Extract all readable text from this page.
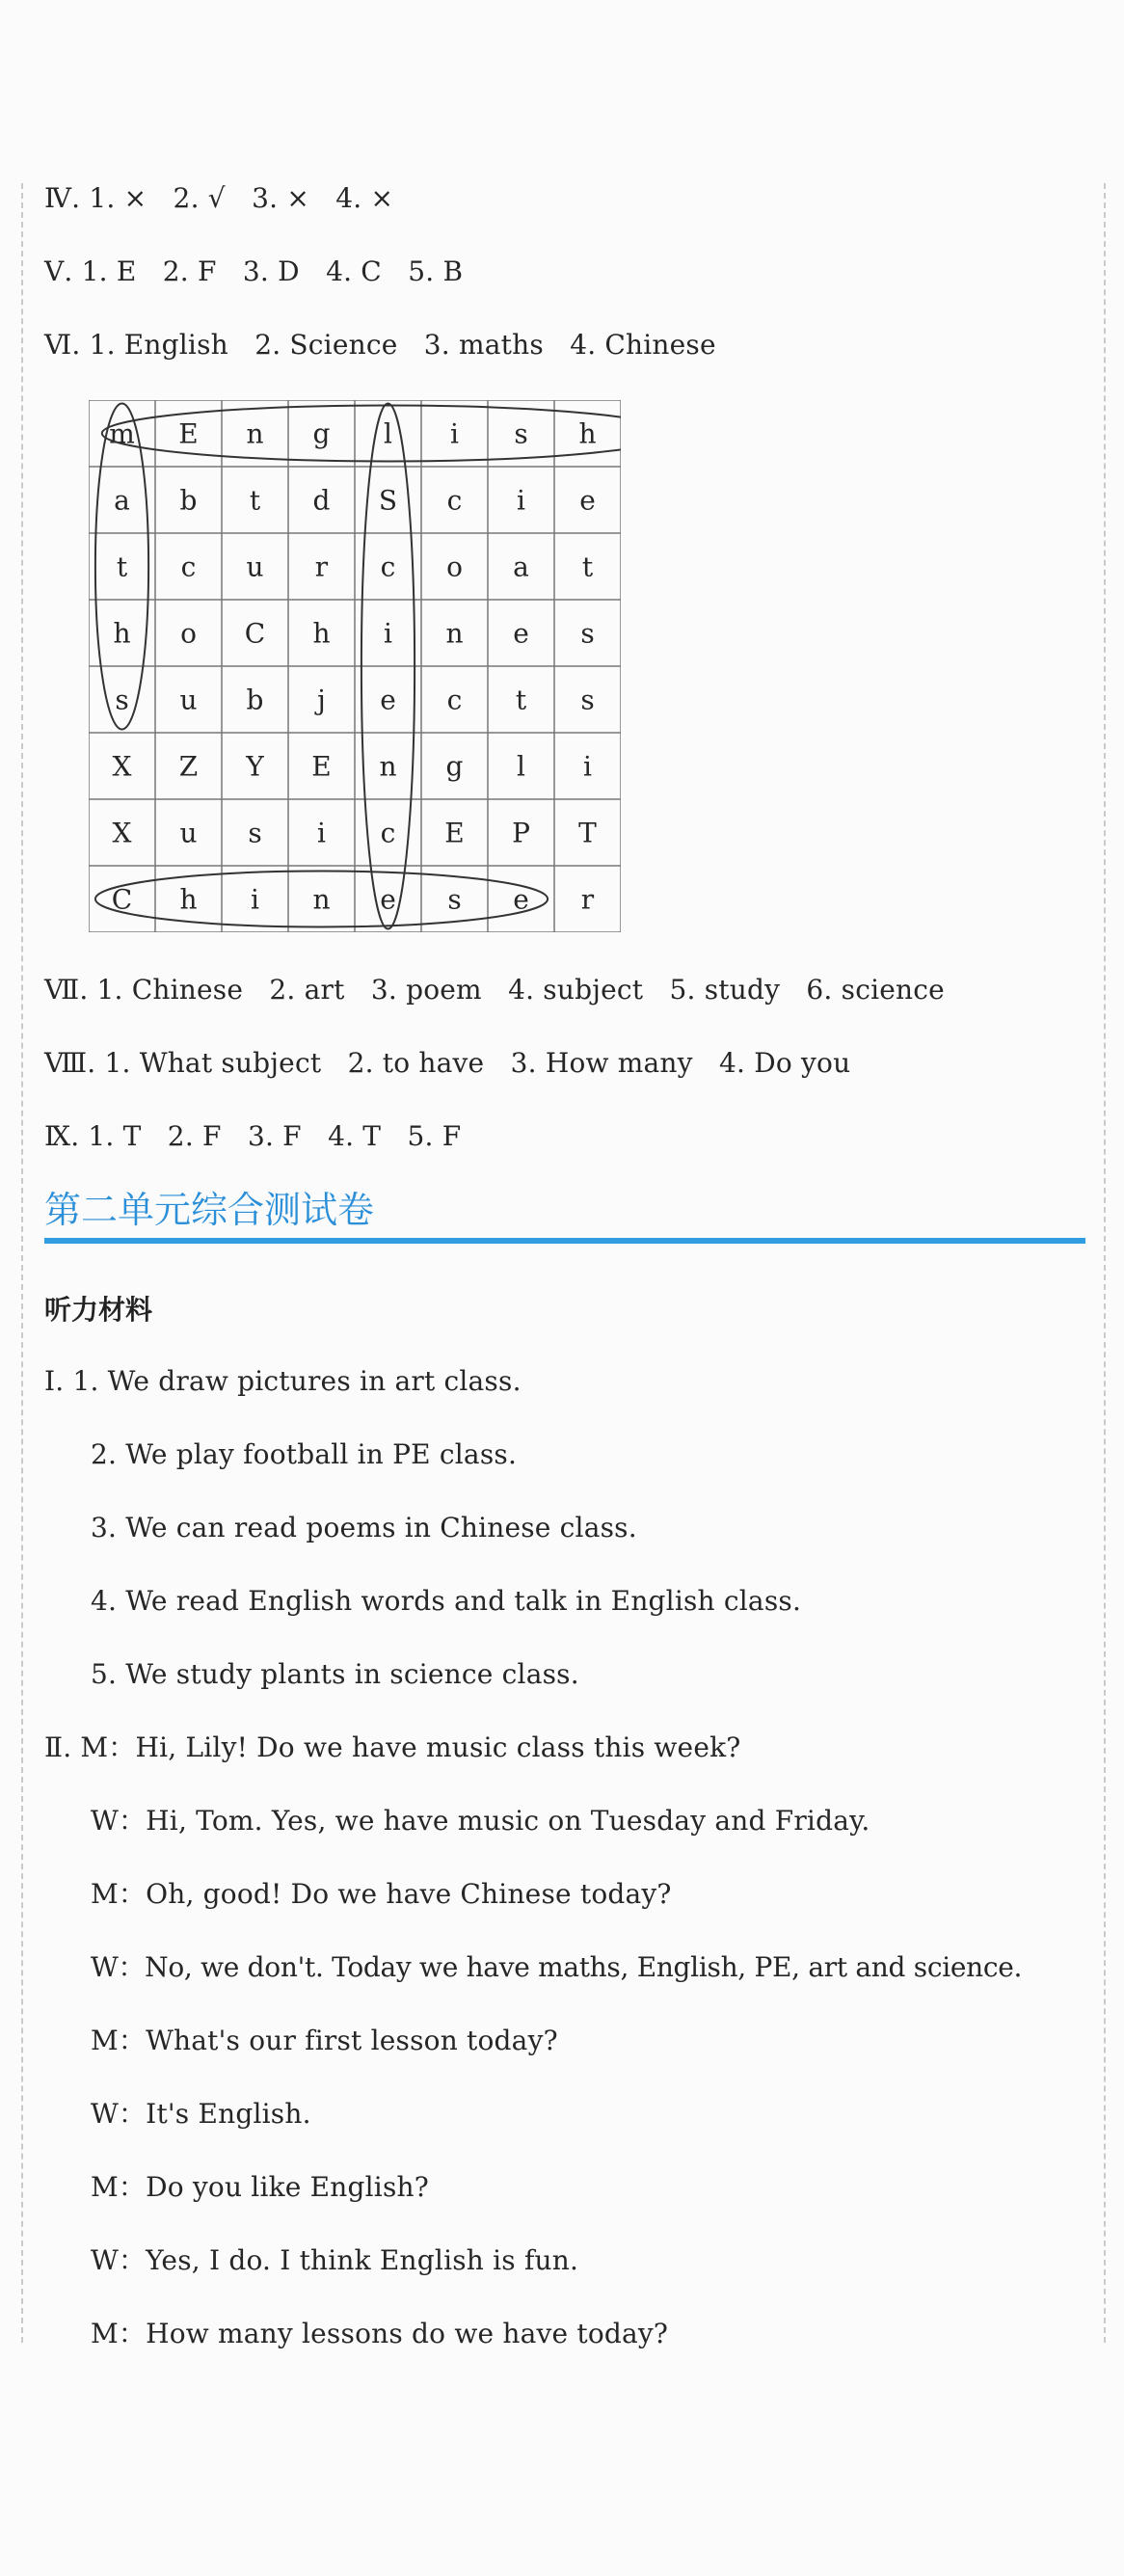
Ⅳ. 1. ×   2. √   3. ×   4. ×

Ⅴ. 1. E   2. F   3. D   4. C   5. B

Ⅵ. 1. English   2. Science   3. maths   4. Chinese

m E n g l i s h
a b t d S c i e
t c u r c o a t
h o C h i n e s
s u b j e c t s
X Z Y E n g l i
X u s i c E P T
C h i n e s e r

Ⅶ. 1. Chinese   2. art   3. poem   4. subject   5. study   6. science

Ⅷ. 1. What subject   2. to have   3. How many   4. Do you

Ⅸ. 1. T   2. F   3. F   4. T   5. F

第二单元综合测试卷
听力材料

Ⅰ. 1. We draw pictures in art class.

2. We play football in PE class.

3. We can read poems in Chinese class.

4. We read English words and talk in English class.

5. We study plants in science class.

Ⅱ. M：Hi, Lily! Do we have music class this week?

W：Hi, Tom. Yes, we have music on Tuesday and Friday.

M：Oh, good! Do we have Chinese today?

W：No, we don't. Today we have maths, English, PE, art and science.

M：What's our first lesson today?

W：It's English.

M：Do you like English?

W：Yes, I do. I think English is fun.

M：How many lessons do we have today?
